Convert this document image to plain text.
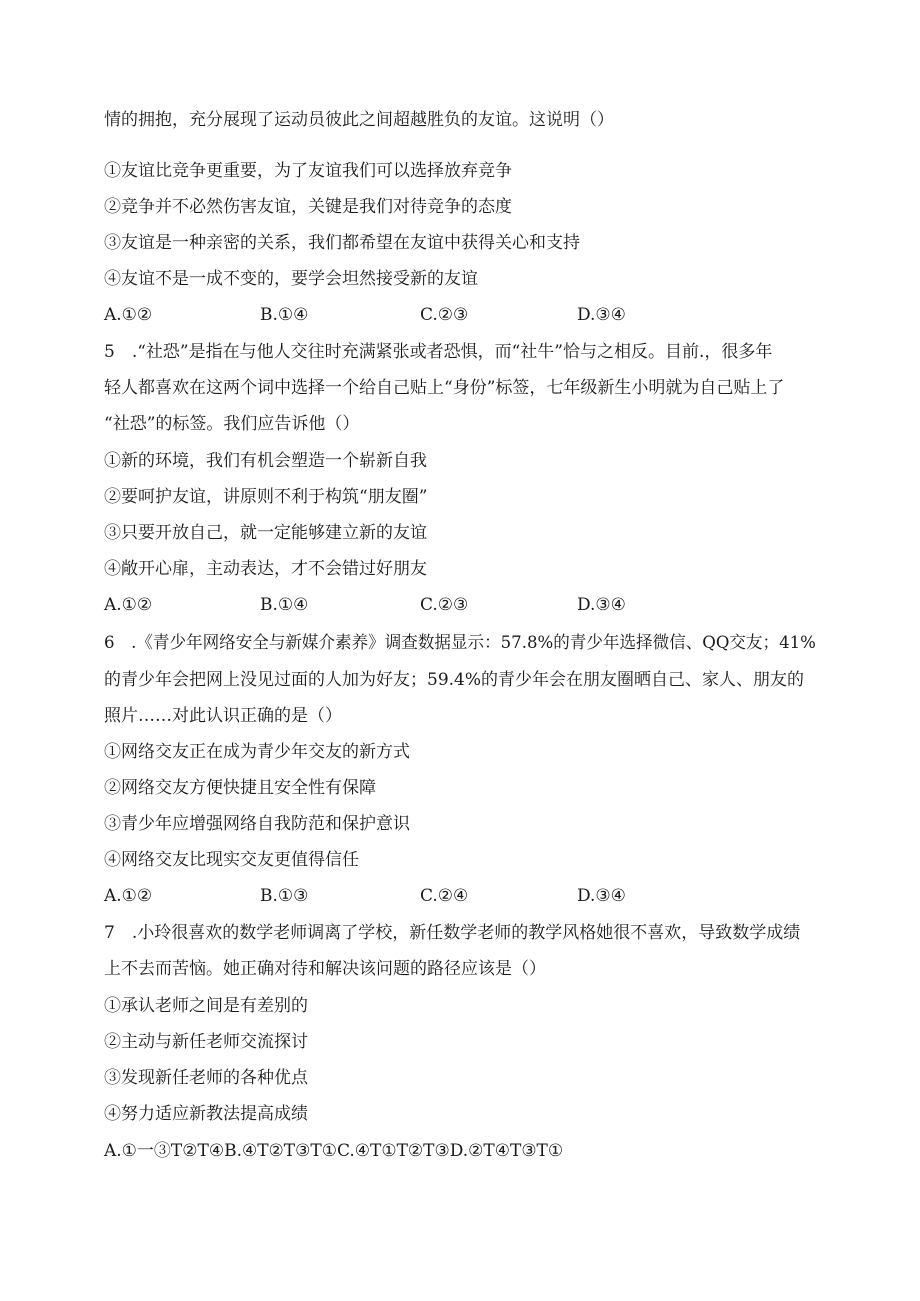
情的拥抱，充分展现了运动员彼此之间超越胜负的友谊。这说明（）
①友谊比竞争更重要，为了友谊我们可以选择放弃竞争
②竞争并不必然伤害友谊，关键是我们对待竞争的态度
③友谊是一种亲密的关系，我们都希望在友谊中获得关心和支持
④友谊不是一成不变的，要学会坦然接受新的友谊
A.①②	B.①④	C.②③	D.③④
5　.“社恐”是指在与他人交往时充满紧张或者恐惧，而“社牛”恰与之相反。目前.，很多年
轻人都喜欢在这两个词中选择一个给自己贴上“身份”标签，七年级新生小明就为自己贴上了
“社恐”的标签。我们应告诉他（）
①新的环境，我们有机会塑造一个崭新自我
②要呵护友谊，讲原则不利于构筑“朋友圈”
③只要开放自己，就一定能够建立新的友谊
④敞开心扉，主动表达，才不会错过好朋友
A.①②	B.①④	C.②③	D.③④
6　.《青少年网络安全与新媒介素养》调查数据显示：57.8%的青少年选择微信、QQ交友；41%
的青少年会把网上没见过面的人加为好友；59.4%的青少年会在朋友圈晒自己、家人、朋友的
照片……对此认识正确的是（）
①网络交友正在成为青少年交友的新方式
②网络交友方便快捷且安全性有保障
③青少年应增强网络自我防范和保护意识
④网络交友比现实交友更值得信任
A.①②	B.①③	C.②④	D.③④
7　.小玲很喜欢的数学老师调离了学校，新任数学老师的教学风格她很不喜欢，导致数学成绩
上不去而苦恼。她正确对待和解决该问题的路径应该是（）
①承认老师之间是有差别的
②主动与新任老师交流探讨
③发现新任老师的各种优点
④努力适应新教法提高成绩
A.①一③T②T④B.④T②T③T①C.④T①T②T③D.②T④T③T①
